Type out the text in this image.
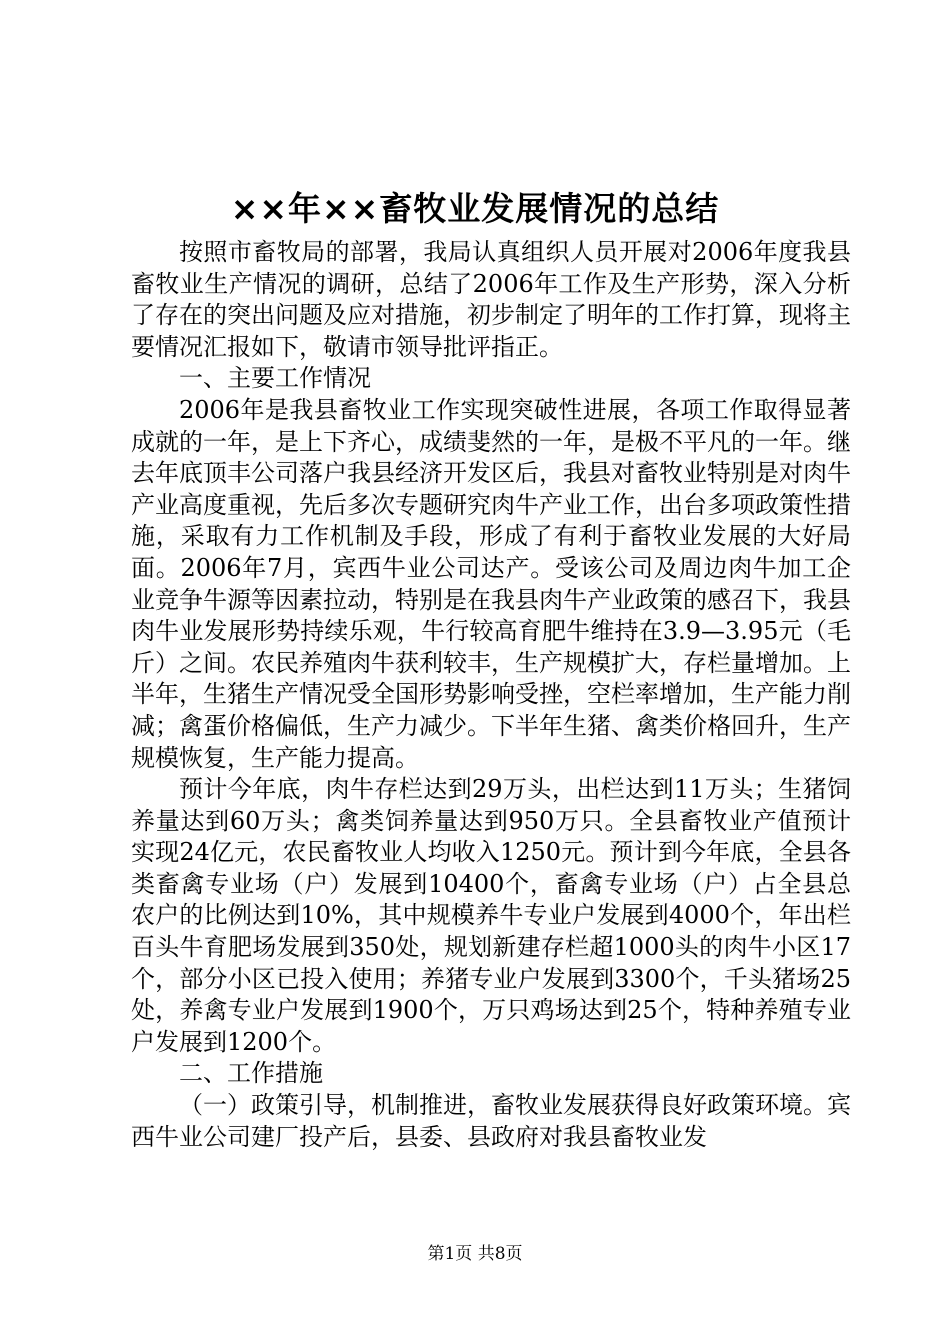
××年××畜牧业发展情况的总结

按照市畜牧局的部署，我局认真组织人员开展对2006年度我县畜牧业生产情况的调研，总结了2006年工作及生产形势，深入分析了存在的突出问题及应对措施，初步制定了明年的工作打算，现将主要情况汇报如下，敬请市领导批评指正。

一、主要工作情况

2006年是我县畜牧业工作实现突破性进展，各项工作取得显著成就的一年，是上下齐心，成绩斐然的一年，是极不平凡的一年。继去年底顶丰公司落户我县经济开发区后，我县对畜牧业特别是对肉牛产业高度重视，先后多次专题研究肉牛产业工作，出台多项政策性措施，采取有力工作机制及手段，形成了有利于畜牧业发展的大好局面。2006年7月，宾西牛业公司达产。受该公司及周边肉牛加工企业竞争牛源等因素拉动，特别是在我县肉牛产业政策的感召下，我县肉牛业发展形势持续乐观，牛行较高育肥牛维持在3.9—3.95元（毛斤）之间。农民养殖肉牛获利较丰，生产规模扩大，存栏量增加。上半年，生猪生产情况受全国形势影响受挫，空栏率增加，生产能力削减；禽蛋价格偏低，生产力减少。下半年生猪、禽类价格回升，生产规模恢复，生产能力提高。

预计今年底，肉牛存栏达到29万头，出栏达到11万头；生猪饲养量达到60万头；禽类饲养量达到950万只。全县畜牧业产值预计实现24亿元，农民畜牧业人均收入1250元。预计到今年底，全县各类畜禽专业场（户）发展到10400个，畜禽专业场（户）占全县总农户的比例达到10%，其中规模养牛专业户发展到4000个，年出栏百头牛育肥场发展到350处，规划新建存栏超1000头的肉牛小区17个，部分小区已投入使用；养猪专业户发展到3300个，千头猪场25处，养禽专业户发展到1900个，万只鸡场达到25个，特种养殖专业户发展到1200个。

二、工作措施

（一）政策引导，机制推进，畜牧业发展获得良好政策环境。宾西牛业公司建厂投产后，县委、县政府对我县畜牧业发

第1页 共8页
